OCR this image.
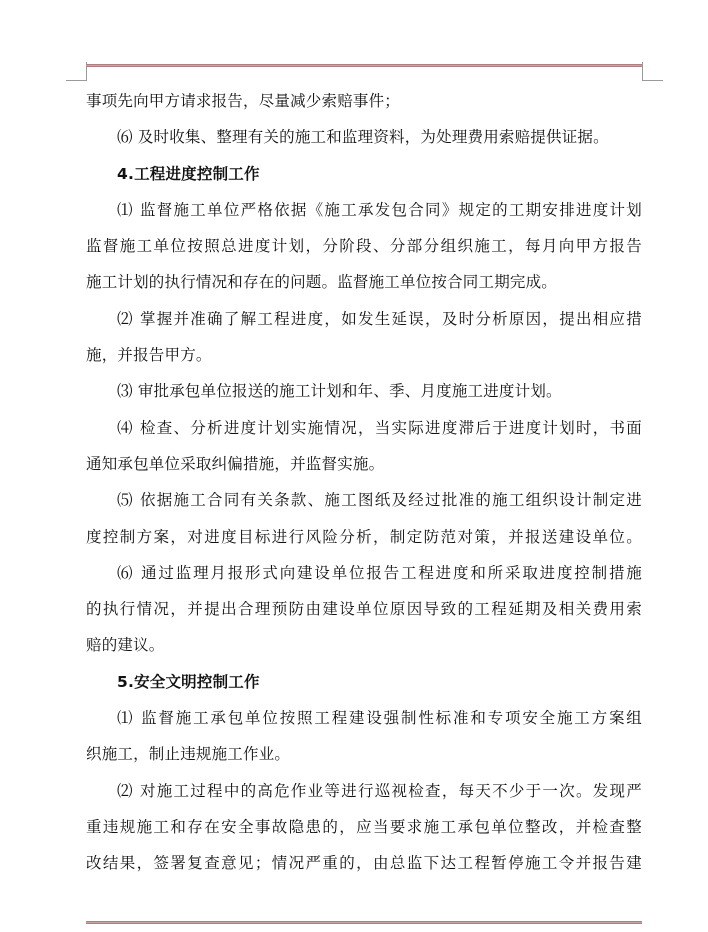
事项先向甲方请求报告，尽量减少索赔事件；
⑹ 及时收集、整理有关的施工和监理资料，为处理费用索赔提供证据。
4.工程进度控制工作
⑴ 监督施工单位严格依据《施工承发包合同》规定的工期安排进度计划
监督施工单位按照总进度计划，分阶段、分部分组织施工，每月向甲方报告
施工计划的执行情况和存在的问题。监督施工单位按合同工期完成。
⑵ 掌握并准确了解工程进度，如发生延误，及时分析原因，提出相应措
施，并报告甲方。
⑶ 审批承包单位报送的施工计划和年、季、月度施工进度计划。
⑷ 检查、分析进度计划实施情况，当实际进度滞后于进度计划时，书面
通知承包单位采取纠偏措施，并监督实施。
⑸ 依据施工合同有关条款、施工图纸及经过批准的施工组织设计制定进
度控制方案，对进度目标进行风险分析，制定防范对策，并报送建设单位。
⑹ 通过监理月报形式向建设单位报告工程进度和所采取进度控制措施
的执行情况，并提出合理预防由建设单位原因导致的工程延期及相关费用索
赔的建议。
5.安全文明控制工作
⑴ 监督施工承包单位按照工程建设强制性标准和专项安全施工方案组
织施工，制止违规施工作业。
⑵ 对施工过程中的高危作业等进行巡视检查，每天不少于一次。发现严
重违规施工和存在安全事故隐患的，应当要求施工承包单位整改，并检查整
改结果，签署复查意见；情况严重的，由总监下达工程暂停施工令并报告建
